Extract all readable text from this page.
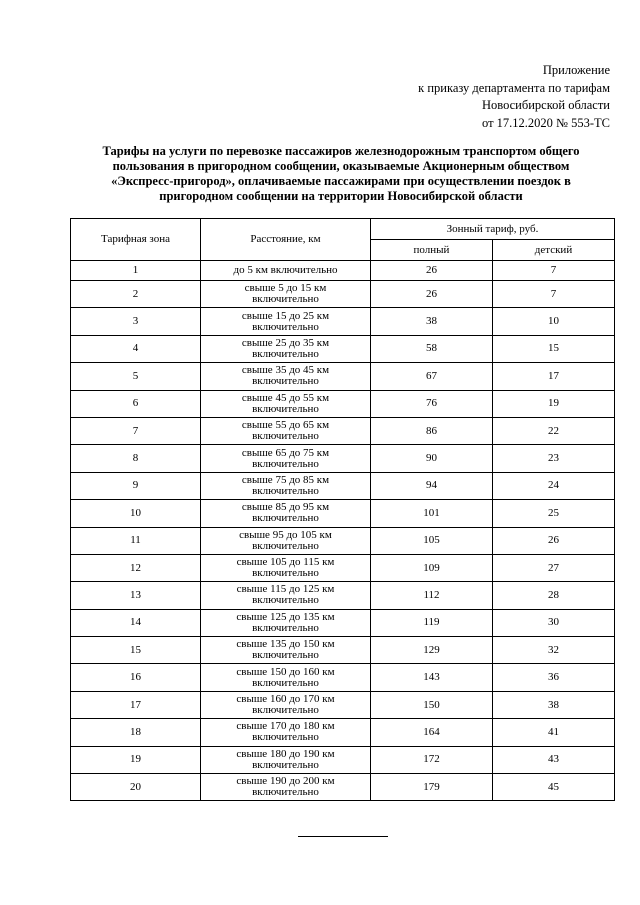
Приложение
к приказу департамента по тарифам
Новосибирской области
от 17.12.2020 № 553-ТС
Тарифы на услуги по перевозке пассажиров железнодорожным транспортом общего
пользования в пригородном сообщении, оказываемые Акционерным обществом
«Экспресс-пригород», оплачиваемые пассажирами при осуществлении поездок в
пригородном сообщении на территории Новосибирской области
Тарифная зона	Расстояние, км	Зонный тариф, руб.	
		полный	детский
1	до 5 км включительно	26	7
2	свыше 5 до 15 км включительно	26	7
3	свыше 15 до 25 км включительно	38	10
4	свыше 25 до 35 км включительно	58	15
5	свыше 35 до 45 км включительно	67	17
6	свыше 45 до 55 км включительно	76	19
7	свыше 55 до 65 км включительно	86	22
8	свыше 65 до 75 км включительно	90	23
9	свыше 75 до 85 км включительно	94	24
10	свыше 85 до 95 км включительно	101	25
11	свыше 95 до 105 км включительно	105	26
12	свыше 105 до 115 км включительно	109	27
13	свыше 115 до 125 км включительно	112	28
14	свыше 125 до 135 км включительно	119	30
15	свыше 135 до 150 км включительно	129	32
16	свыше 150 до 160 км включительно	143	36
17	свыше 160 до 170 км включительно	150	38
18	свыше 170 до 180 км включительно	164	41
19	свыше 180 до 190 км включительно	172	43
20	свыше 190 до 200 км включительно	179	45
